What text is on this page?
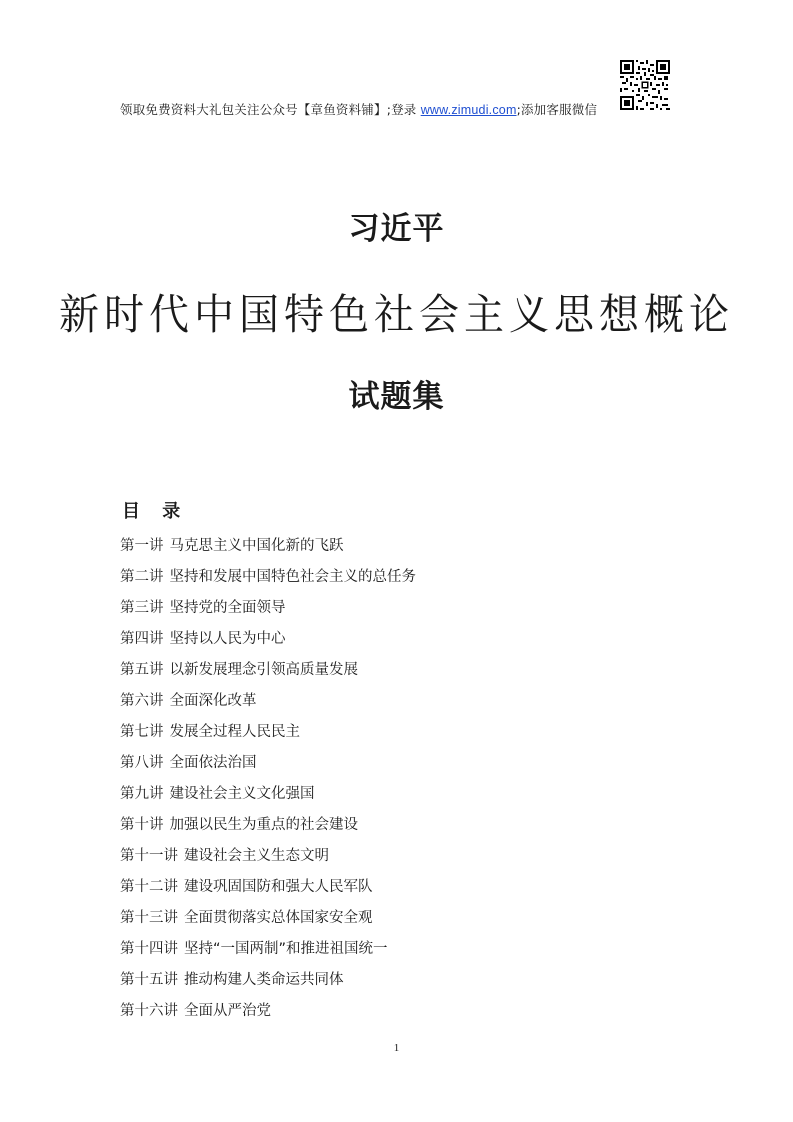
领取免费资料大礼包关注公众号【章鱼资料铺】;登录 www.zimudi.com;添加客服微信
习近平
新时代中国特色社会主义思想概论
试题集
目 录
第一讲 马克思主义中国化新的飞跃
第二讲 坚持和发展中国特色社会主义的总任务
第三讲 坚持党的全面领导
第四讲 坚持以人民为中心
第五讲 以新发展理念引领高质量发展
第六讲 全面深化改革
第七讲 发展全过程人民民主
第八讲 全面依法治国
第九讲 建设社会主义文化强国
第十讲 加强以民生为重点的社会建设
第十一讲 建设社会主义生态文明
第十二讲 建设巩固国防和强大人民军队
第十三讲 全面贯彻落实总体国家安全观
第十四讲 坚持“一国两制”和推进祖国统一
第十五讲 推动构建人类命运共同体
第十六讲 全面从严治党
1
